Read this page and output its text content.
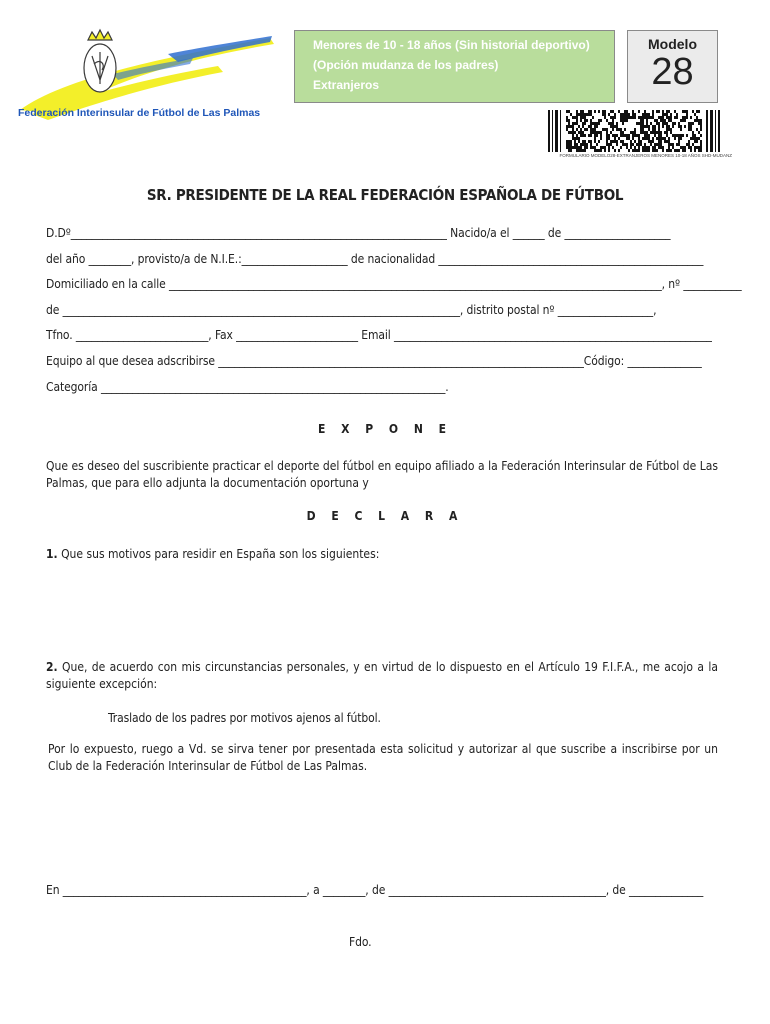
Federación Interinsular de Fútbol de Las Palmas
Menores de 10 - 18 años (Sin historial deportivo)
(Opción mudanza de los padres)
Extranjeros
Modelo
28
FORMULARIO MODELO28-EXTRANJEROS MENORES 10-18 AÑOS SHD-MUDANZ
SR. PRESIDENTE DE LA REAL FEDERACIÓN ESPAÑOLA DE FÚTBOL
D.Dº_______________________________________________________________________ Nacido/a el ______ de ____________________
del año ________, provisto/a de N.I.E.:____________________ de nacionalidad __________________________________________________
Domiciliado en la calle _____________________________________________________________________________________________, nº ___________
de ___________________________________________________________________________, distrito postal nº __________________,
Tfno. _________________________, Fax _______________________ Email ____________________________________________________________
Equipo al que desea adscribirse _____________________________________________________________________Código: ______________
Categoría _________________________________________________________________.
E X P O N E
Que es deseo del suscribiente practicar el deporte del fútbol en equipo afiliado a la Federación Interinsular de Fútbol de Las Palmas, que para ello adjunta la documentación oportuna y
D E C L A R A
1. Que sus motivos para residir en España son los siguientes:
2. Que, de acuerdo con mis circunstancias personales, y en virtud de lo dispuesto en el Artículo 19 F.I.F.A., me acojo a la siguiente excepción:
Traslado de los padres por motivos ajenos al fútbol.
Por lo expuesto, ruego a Vd. se sirva tener por presentada esta solicitud y autorizar al que suscribe a inscribirse por un Club de la Federación Interinsular de Fútbol de Las Palmas.
En ______________________________________________, a ________, de _________________________________________, de ______________
Fdo.
